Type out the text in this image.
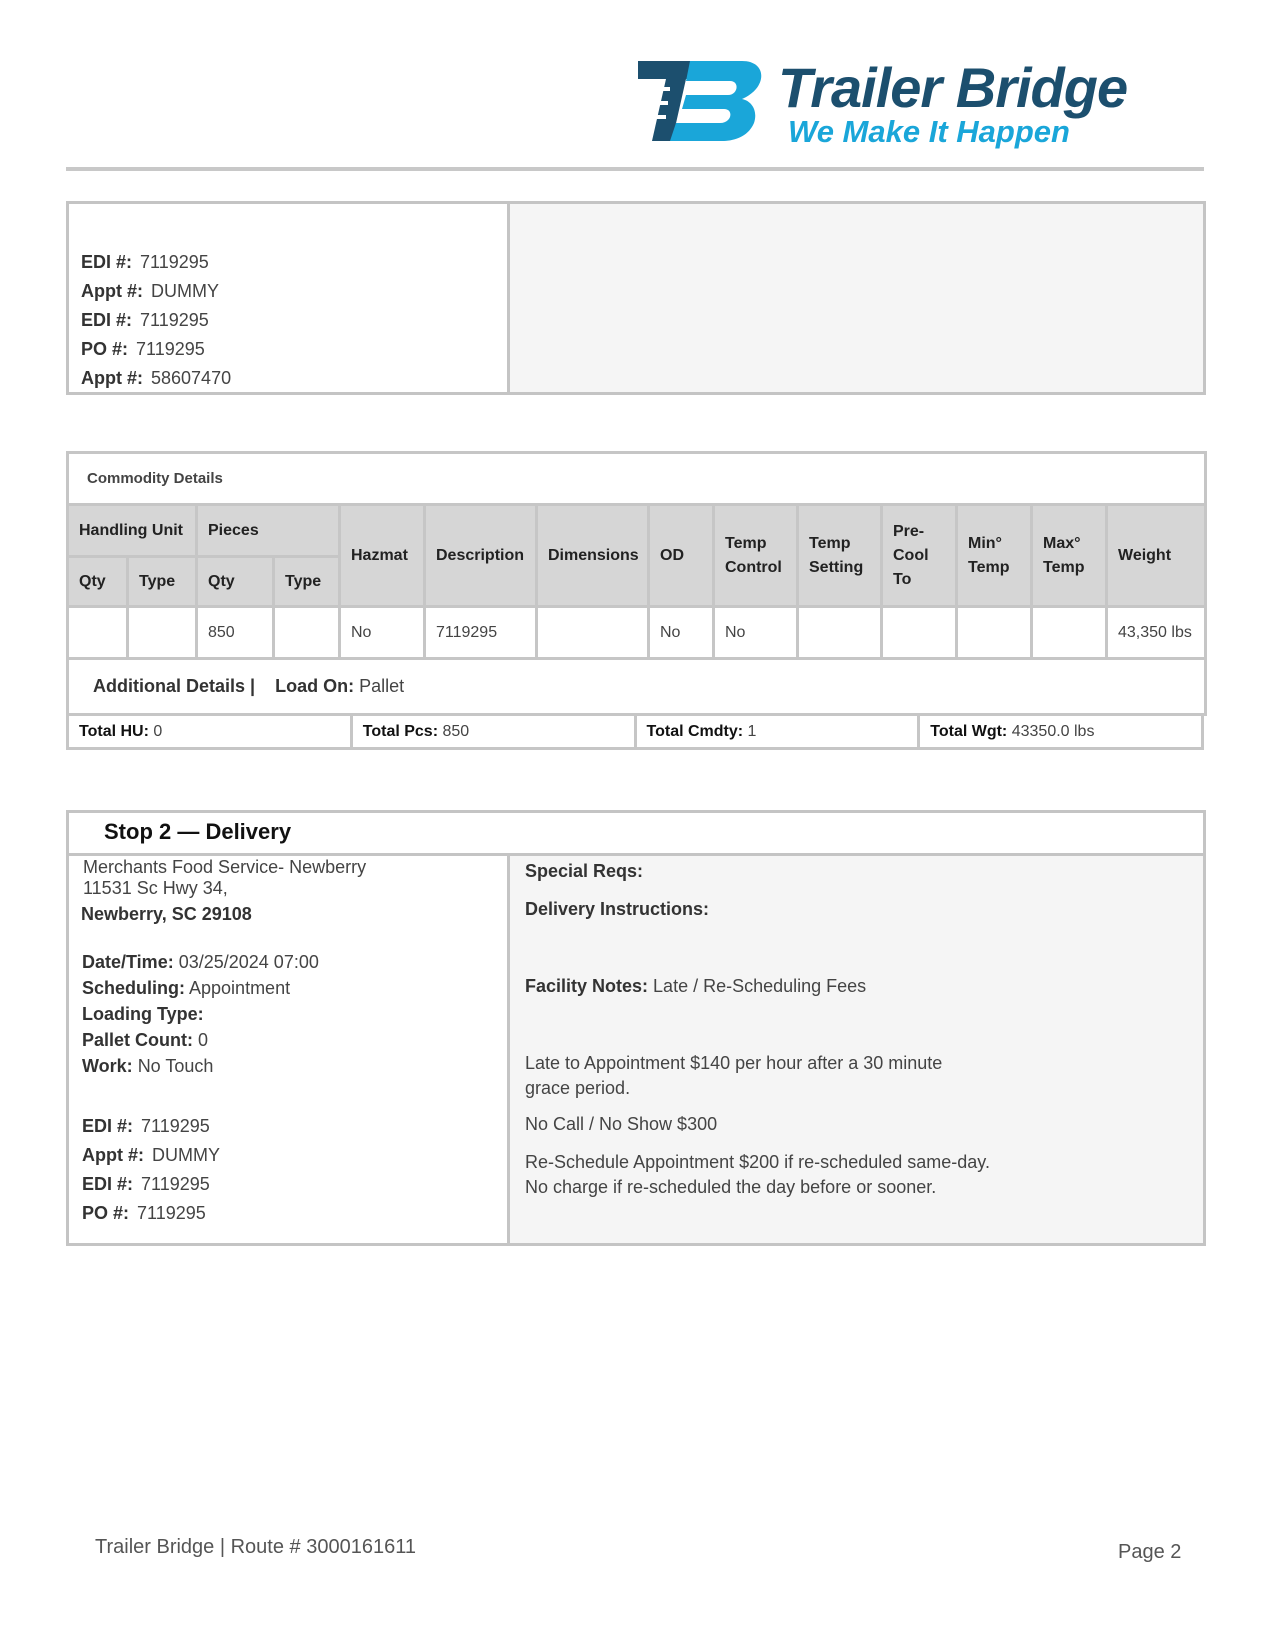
Trailer Bridge
We Make It Happen
EDI #: 7119295
Appt #: DUMMY
EDI #: 7119295
PO #: 7119295
Appt #: 58607470
Commodity Details													
Handling Unit		Pieces		Hazmat	Description	Dimensions	OD	Temp Control	Temp Setting	Pre-Cool To	Min° Temp	Max° Temp	Weight
Qty	Type	Qty	Type										
		850		No	7119295		No	No					43,350 lbs
Additional Details | Load On: Pallet													
Total HU: 0	Total Pcs: 850	Total Cmdty: 1	Total Wgt: 43350.0 lbs
Stop 2 — Delivery
Merchants Food Service- Newberry
11531 Sc Hwy 34,
Newberry, SC 29108
Date/Time: 03/25/2024 07:00
Scheduling: Appointment
Loading Type:
Pallet Count: 0
Work: No Touch
EDI #: 7119295
Appt #: DUMMY
EDI #: 7119295
PO #: 7119295
Special Reqs:
Delivery Instructions:
Facility Notes: Late / Re-Scheduling Fees
Late to Appointment $140 per hour after a 30 minute
grace period.
No Call / No Show $300
Re-Schedule Appointment $200 if re-scheduled same-day.
No charge if re-scheduled the day before or sooner.
Trailer Bridge | Route # 3000161611	Page 2
